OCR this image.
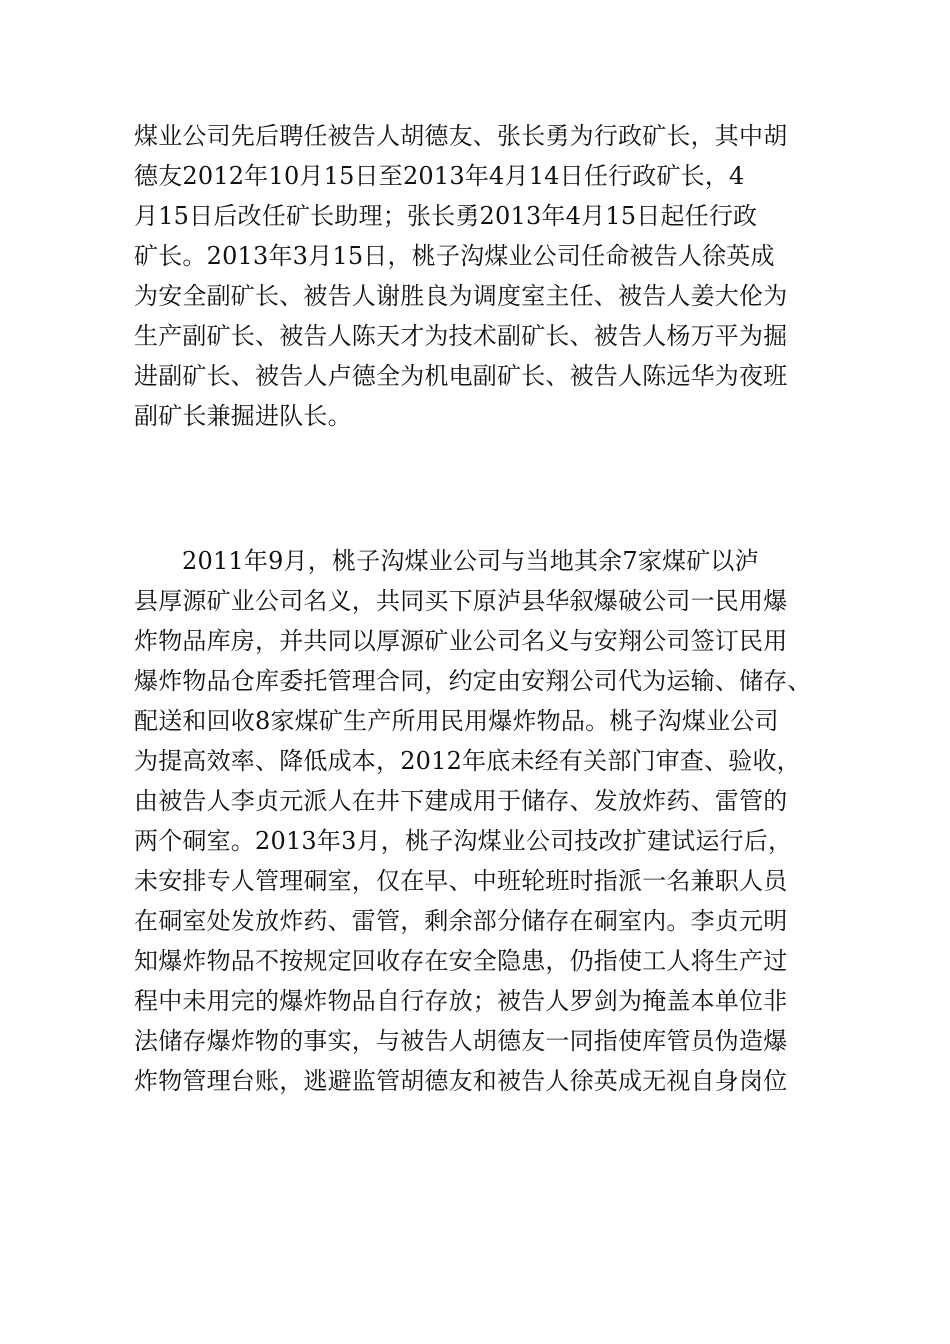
煤业公司先后聘任被告人胡德友、张长勇为行政矿长，其中胡
德友2012年10月15日至2013年4月14日任行政矿长，4
月15日后改任矿长助理；张长勇2013年4月15日起任行政
矿长。2013年3月15日，桃子沟煤业公司任命被告人徐英成
为安全副矿长、被告人谢胜良为调度室主任、被告人姜大伦为
生产副矿长、被告人陈天才为技术副矿长、被告人杨万平为掘
进副矿长、被告人卢德全为机电副矿长、被告人陈远华为夜班
副矿长兼掘进队长。
2011年9月，桃子沟煤业公司与当地其余7家煤矿以泸
县厚源矿业公司名义，共同买下原泸县华叙爆破公司一民用爆
炸物品库房，并共同以厚源矿业公司名义与安翔公司签订民用
爆炸物品仓库委托管理合同，约定由安翔公司代为运输、储存、
配送和回收8家煤矿生产所用民用爆炸物品。桃子沟煤业公司
为提高效率、降低成本，2012年底未经有关部门审查、验收，
由被告人李贞元派人在井下建成用于储存、发放炸药、雷管的
两个硐室。2013年3月，桃子沟煤业公司技改扩建试运行后，
未安排专人管理硐室，仅在早、中班轮班时指派一名兼职人员
在硐室处发放炸药、雷管，剩余部分储存在硐室内。李贞元明
知爆炸物品不按规定回收存在安全隐患，仍指使工人将生产过
程中未用完的爆炸物品自行存放；被告人罗剑为掩盖本单位非
法储存爆炸物的事实，与被告人胡德友一同指使库管员伪造爆
炸物管理台账，逃避监管胡德友和被告人徐英成无视自身岗位
